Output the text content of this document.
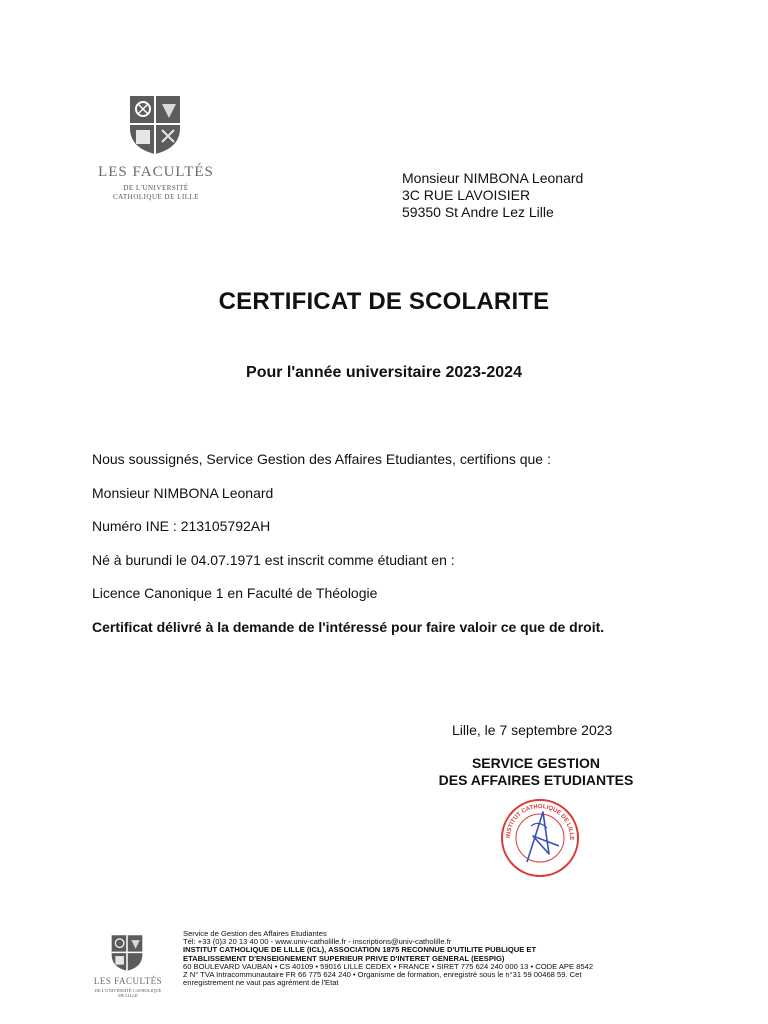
LES FACULTÉS
DE L'UNIVERSITÉ
CATHOLIQUE DE LILLE
Monsieur NIMBONA Leonard
3C RUE LAVOISIER
59350 St Andre Lez Lille
CERTIFICAT DE SCOLARITE
Pour l'année universitaire 2023-2024
Nous soussignés, Service Gestion des Affaires Etudiantes, certifions que :
Monsieur NIMBONA Leonard
Numéro INE : 213105792AH
Né à burundi le 04.07.1971 est inscrit comme étudiant en :
Licence Canonique 1 en Faculté de Théologie
Certificat délivré à la demande de l'intéressé pour faire valoir ce que de droit.
Lille, le 7 septembre 2023
SERVICE GESTION
DES AFFAIRES ETUDIANTES
INSTITUT CATHOLIQUE DE LILLE
LES FACULTÉS
DE L'UNIVERSITÉ CATHOLIQUE DE LILLE
Service de Gestion des Affaires Etudiantes
Tél: +33 (0)3 20 13 40 00 - www.univ-catholille.fr - inscriptions@univ-catholille.fr
INSTITUT CATHOLIQUE DE LILLE (ICL), ASSOCIATION 1875 RECONNUE D'UTILITE PUBLIQUE ET
ETABLISSEMENT D'ENSEIGNEMENT SUPERIEUR PRIVE D'INTERET GENERAL (EESPIG)
60 BOULEVARD VAUBAN • CS 40109 • 59016 LILLE CEDEX • FRANCE • SIRET 775 624 240 000 13 • CODE APE 8542
Z N° TVA Intracommunautaire FR 66 775 624 240 • Organisme de formation, enregistré sous le n°31 59 00468 59. Cet
enregistrement ne vaut pas agrément de l'Etat
